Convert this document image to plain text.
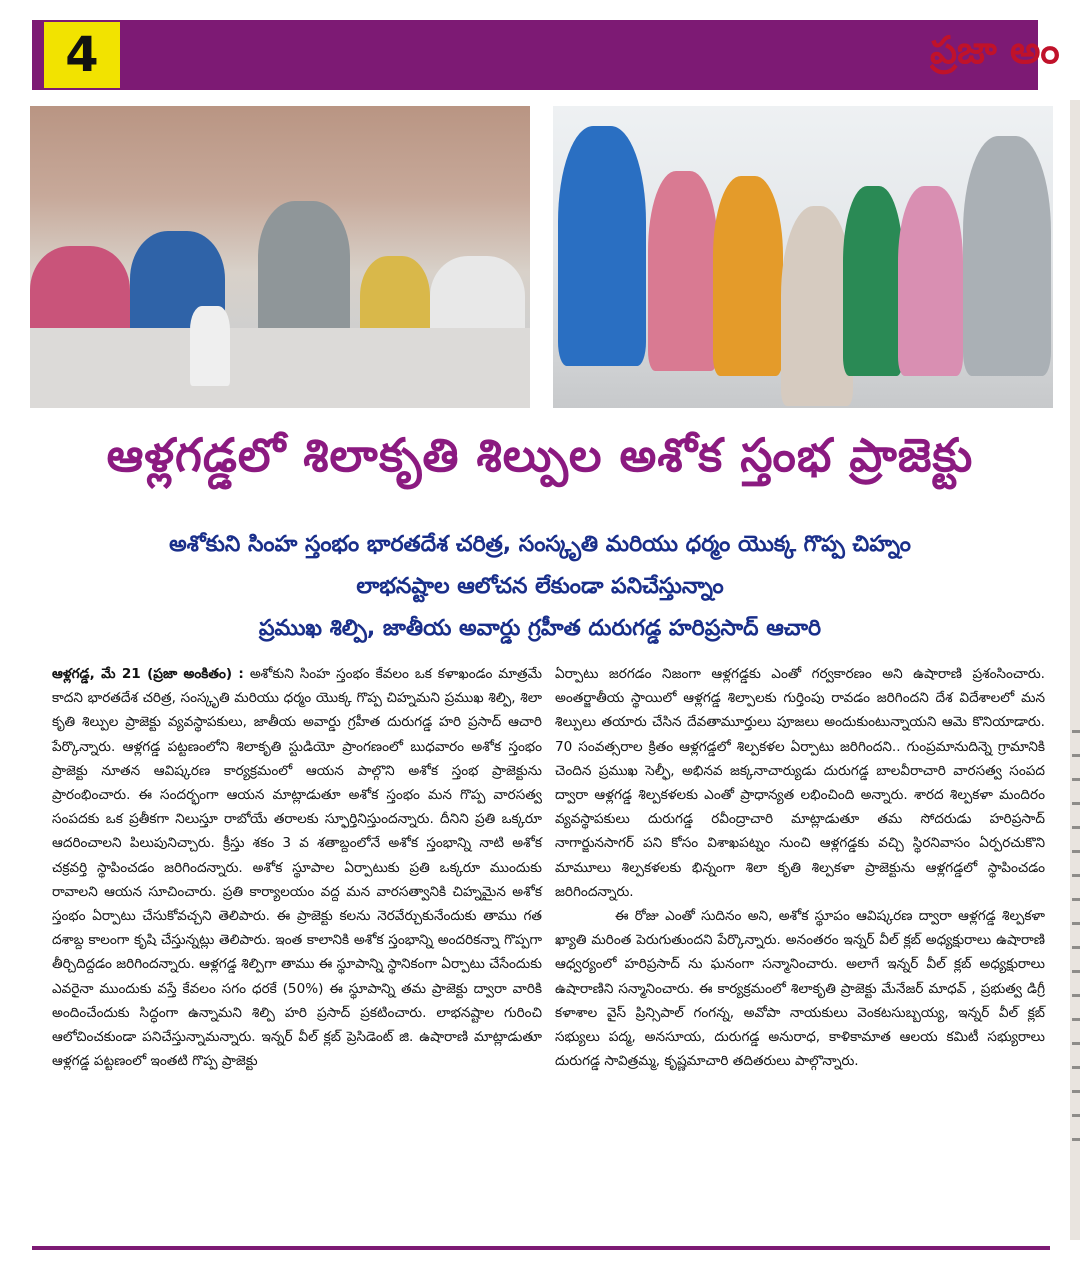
4	ప్రజా అం
ఆళ్లగడ్డలో శిలాకృతి శిల్పుల అశోక స్తంభ ప్రాజెక్టు
అశోకుని సింహ స్తంభం భారతదేశ చరిత్ర, సంస్కృతి మరియు ధర్మం యొక్క గొప్ప చిహ్నం
లాభనష్టాల ఆలోచన లేకుండా పనిచేస్తున్నాం
ప్రముఖ శిల్పి, జాతీయ అవార్డు గ్రహీత దురుగడ్డ హరిప్రసాద్ ఆచారి

ఆళ్లగడ్డ, మే 21 (ప్రజా అంకితం) : అశోకుని సింహ స్తంభం కేవలం ఒక కళాఖండం మాత్రమే కాదని భారతదేశ చరిత్ర, సంస్కృతి మరియు ధర్మం యొక్క గొప్ప చిహ్నమని ప్రముఖ శిల్పి, శిలా కృతి శిల్పుల ప్రాజెక్టు వ్యవస్థాపకులు, జాతీయ అవార్డు గ్రహీత దురుగడ్డ హరి ప్రసాద్ ఆచారి పేర్కొన్నారు. ఆళ్లగడ్డ పట్టణంలోని శిలాకృతి స్టుడియో ప్రాంగణంలో బుధవారం అశోక స్తంభం ప్రాజెక్టు నూతన ఆవిష్కరణ కార్యక్రమంలో ఆయన పాల్గొని అశోక స్తంభ ప్రాజెక్టును ప్రారంభించారు. ఈ సందర్భంగా ఆయన మాట్లాడుతూ అశోక స్తంభం మన గొప్ప వారసత్వ సంపదకు ఒక ప్రతీకగా నిలుస్తూ రాబోయే తరాలకు స్ఫూర్తినిస్తుందన్నారు. దీనిని ప్రతి ఒక్కరూ ఆదరించాలని పిలుపునిచ్చారు. క్రీస్తు శకం 3 వ శతాబ్దంలోనే అశోక స్తంభాన్ని నాటి అశోక చక్రవర్తి స్థాపించడం జరిగిందన్నారు. అశోక స్థూపాల ఏర్పాటుకు ప్రతి ఒక్కరూ ముందుకు రావాలని ఆయన సూచించారు. ప్రతి కార్యాలయం వద్ద మన వారసత్వానికి చిహ్నమైన అశోక స్తంభం ఏర్పాటు చేసుకోవచ్చని తెలిపారు. ఈ ప్రాజెక్టు కలను నెరవేర్చుకునేందుకు తాము గత దశాబ్ద కాలంగా కృషి చేస్తున్నట్లు తెలిపారు. ఇంత కాలానికి అశోక స్తంభాన్ని అందరికన్నా గొప్పగా తీర్చిదిద్దడం జరిగిందన్నారు. ఆళ్లగడ్డ శిల్పిగా తాము ఈ స్థూపాన్ని స్థానికంగా ఏర్పాటు చేసేందుకు ఎవరైనా ముందుకు వస్తే కేవలం సగం ధరకే (50%) ఈ స్థూపాన్ని తమ ప్రాజెక్టు ద్వారా వారికి అందించేందుకు సిద్ధంగా ఉన్నామని శిల్పి హరి ప్రసాద్ ప్రకటించారు. లాభనష్టాల గురించి ఆలోచించకుండా పనిచేస్తున్నామన్నారు. ఇన్నర్ వీల్ క్లబ్ ప్రెసిడెంట్ జి. ఉషారాణి మాట్లాడుతూ ఆళ్లగడ్డ పట్టణంలో ఇంతటి గొప్ప ప్రాజెక్టు

ఏర్పాటు జరగడం నిజంగా ఆళ్లగడ్డకు ఎంతో గర్వకారణం అని ఉషారాణి ప్రశంసించారు. అంతర్జాతీయ స్థాయిలో ఆళ్లగడ్డ శిల్పాలకు గుర్తింపు రావడం జరిగిందని దేశ విదేశాలలో మన శిల్పులు తయారు చేసిన దేవతామూర్తులు పూజలు అందుకుంటున్నాయని ఆమె కొనియాడారు. 70 సంవత్సరాల క్రితం ఆళ్లగడ్డలో శిల్పకళల ఏర్పాటు జరిగిందని.. గుంప్రమానుదిన్నె గ్రామానికి చెందిన ప్రముఖ సెల్ఫీ, అభినవ జక్కనాచార్యుడు దురుగడ్డ బాలవీరాచారి వారసత్వ సంపద ద్వారా ఆళ్లగడ్డ శిల్పకళలకు ఎంతో ప్రాధాన్యత లభించింది అన్నారు. శారద శిల్పకళా మందిరం వ్యవస్థాపకులు దురుగడ్డ రవీంద్రాచారి మాట్లాడుతూ తమ సోదరుడు హరిప్రసాద్ నాగార్జునసాగర్ పని కోసం విశాఖపట్నం నుంచి ఆళ్లగడ్డకు వచ్చి స్థిరనివాసం ఏర్పరచుకొని మామూలు శిల్పకళలకు భిన్నంగా శిలా కృతి శిల్పకళా ప్రాజెక్టును ఆళ్లగడ్డలో స్థాపించడం జరిగిందన్నారు.

ఈ రోజు ఎంతో సుదినం అని, అశోక స్థూపం ఆవిష్కరణ ద్వారా ఆళ్లగడ్డ శిల్పకళా ఖ్యాతి మరింత పెరుగుతుందని పేర్కొన్నారు. అనంతరం ఇన్నర్ వీల్ క్లబ్ అధ్యక్షురాలు ఉషారాణి ఆధ్వర్యంలో హరిప్రసాద్ ను ఘనంగా సన్మానించారు. అలాగే ఇన్నర్ వీల్ క్లబ్ అధ్యక్షురాలు ఉషారాణిని సన్మానించారు. ఈ కార్యక్రమంలో శిలాకృతి ప్రాజెక్టు మేనేజర్ మాధవ్ , ప్రభుత్వ డిగ్రీ కళాశాల వైస్ ప్రిన్సిపాల్ గంగన్న, అవోపా నాయకులు వెంకటసుబ్బయ్య, ఇన్నర్ వీల్ క్లబ్ సభ్యులు పద్మ, అనసూయ, దురుగడ్డ అనురాధ, కాళికామాత ఆలయ కమిటీ సభ్యురాలు దురుగడ్డ సావిత్రమ్మ, కృష్ణమాచారి తదితరులు పాల్గొన్నారు.
